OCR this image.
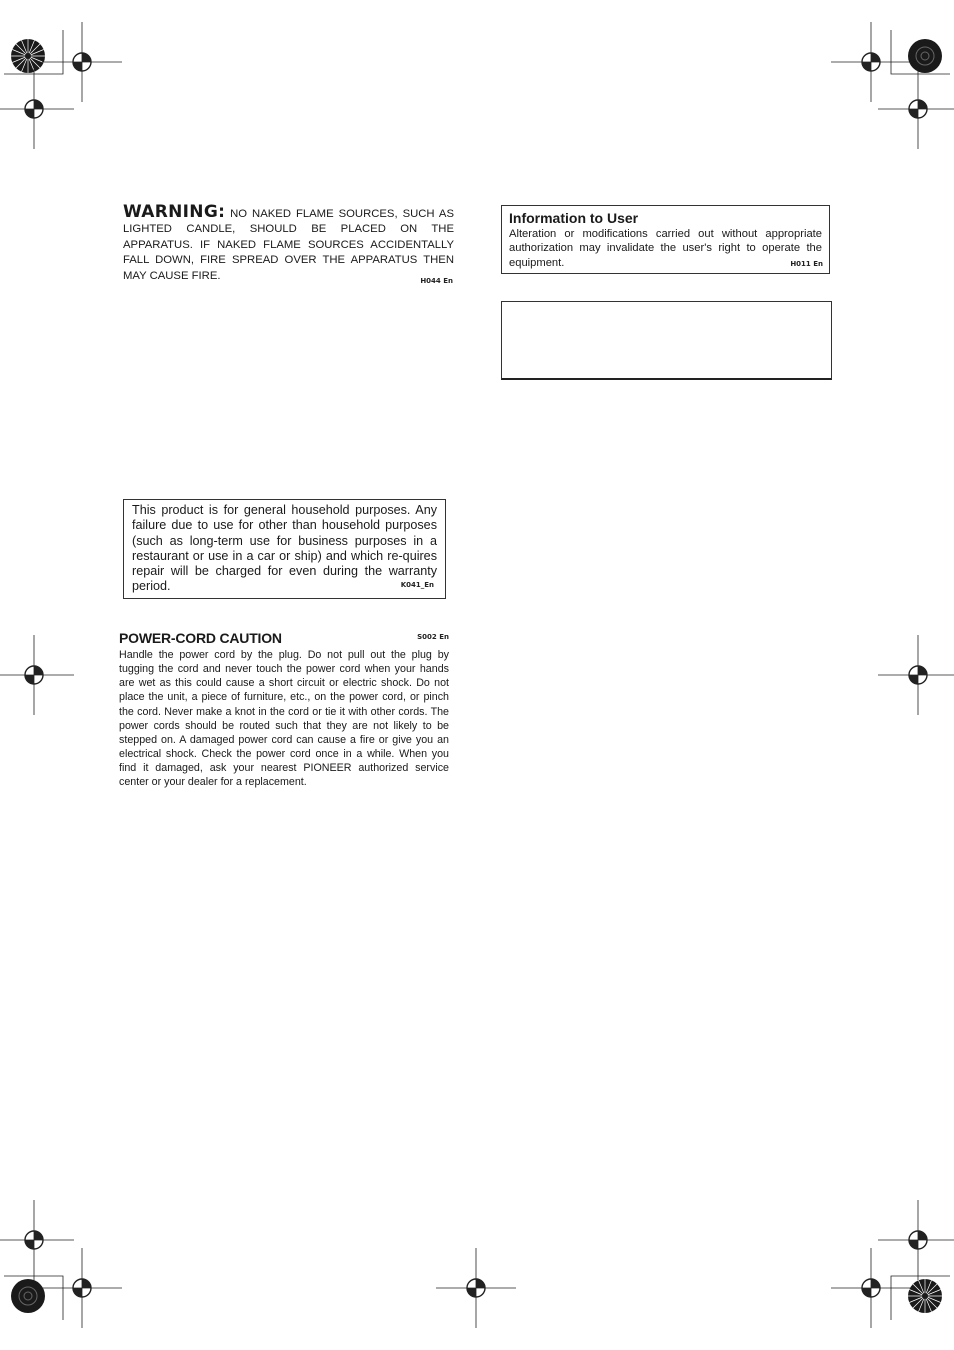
WARNING: NO NAKED FLAME SOURCES, SUCH AS LIGHTED CANDLE, SHOULD BE PLACED ON THE APPARATUS. IF NAKED FLAME SOURCES ACCIDENTALLY FALL DOWN, FIRE SPREAD OVER THE APPARATUS THEN MAY CAUSE FIRE.	H044 En
Information to User
Alteration or modifications carried out without appropriate authorization may invalidate the user's right to operate the equipment.	H011 En
This product is for general household purposes. Any failure due to use for other than household purposes (such as long-term use for business purposes in a restaurant or use in a car or ship) and which re-quires repair will be charged for even during the warranty period.	K041_En
POWER-CORD CAUTION	S002 En
Handle the power cord by the plug. Do not pull out the plug by tugging the cord and never touch the power cord when your hands are wet as this could cause a short circuit or electric shock. Do not place the unit, a piece of furniture, etc., on the power cord, or pinch the cord. Never make a knot in the cord or tie it with other cords. The power cords should be routed such that they are not likely to be stepped on. A damaged power cord can cause a fire or give you an electrical shock. Check the power cord once in a while. When you find it damaged, ask your nearest PIONEER authorized service center or your dealer for a replacement.
